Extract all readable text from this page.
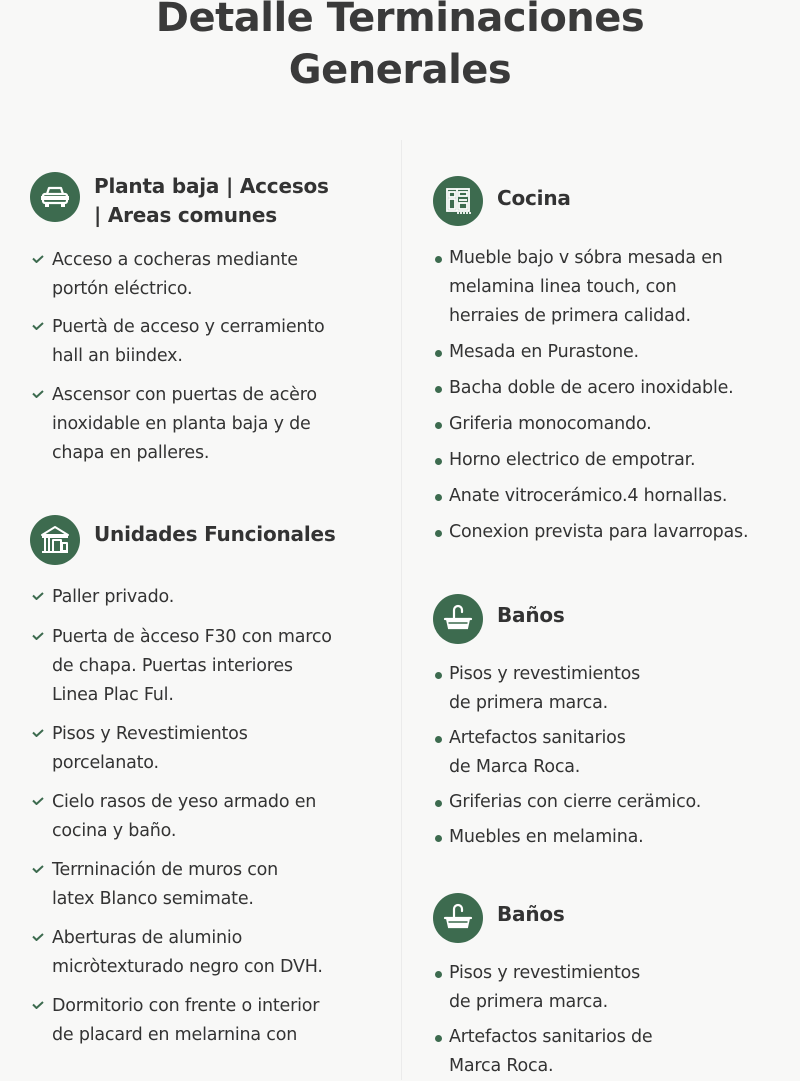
Detalle Terminaciones
Generales
Planta baja | Accesos
| Areas comunes
Acceso a cocheras mediante
portón eléctrico.
Puertà de acceso y cerramiento
hall an biindex.
Ascensor con puertas de acèro
inoxidable en planta baja y de
chapa en palleres.
Unidades Funcionales
Paller privado.
Puerta de àcceso F30 con marco
de chapa. Puertas interiores
Linea Plac Ful.
Pisos y Revestimientos
porcelanato.
Cielo rasos de yeso armado en
cocina y baño.
Terrninación de muros con
latex Blanco semimate.
Aberturas de aluminio
micròtexturado negro con DVH.
Dormitorio con frente o interior
de placard en melarnina con
Cocina
Mueble bajo v sóbra mesada en
melamina linea touch, con
herraies de primera calidad.
Mesada en Purastone.
Bacha doble de acero inoxidable.
Griferia monocomando.
Horno electrico de empotrar.
Anate vitrocerámico.4 hornallas.
Conexion prevista para lavarropas.
Baños
Pisos y revestimientos
de primera marca.
Artefactos sanitarios
de Marca Roca.
Griferias con cierre cerämico.
Muebles en melamina.
Baños
Pisos y revestimientos
de primera marca.
Artefactos sanitarios de
Marca Roca.
